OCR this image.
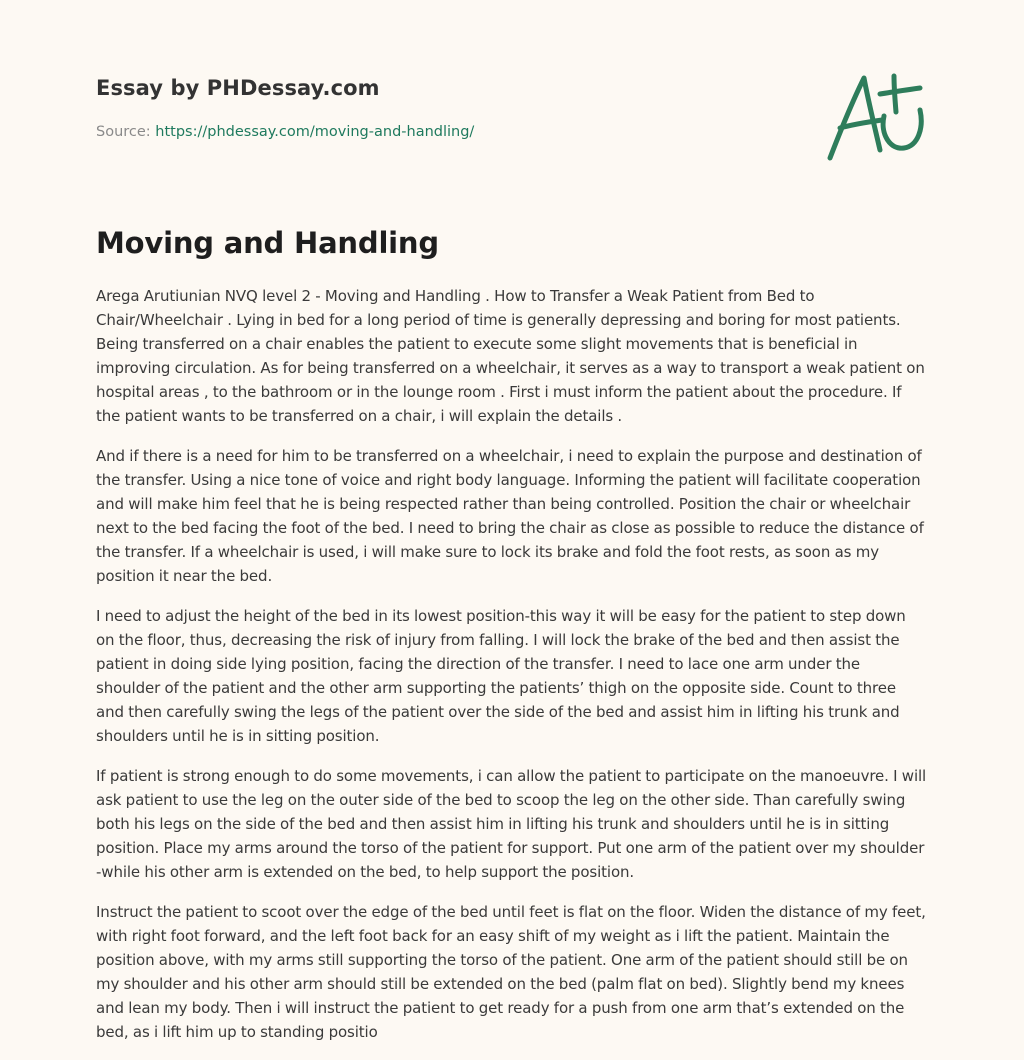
Essay by PHDessay.com
Source: https://phdessay.com/moving-and-handling/
Moving and Handling

Arega Arutiunian NVQ level 2 - Moving and Handling . How to Transfer a Weak Patient from Bed to Chair/Wheelchair . Lying in bed for a long period of time is generally depressing and boring for most patients. Being transferred on a chair enables the patient to execute some slight movements that is beneficial in improving circulation. As for being transferred on a wheelchair, it serves as a way to transport a weak patient on hospital areas , to the bathroom or in the lounge room . First i must inform the patient about the procedure. If the patient wants to be transferred on a chair, i will explain the details .

And if there is a need for him to be transferred on a wheelchair, i need to explain the purpose and destination of the transfer. Using a nice tone of voice and right body language. Informing the patient will facilitate cooperation and will make him feel that he is being respected rather than being controlled. Position the chair or wheelchair next to the bed facing the foot of the bed. I need to bring the chair as close as possible to reduce the distance of the transfer. If a wheelchair is used, i will make sure to lock its brake and fold the foot rests, as soon as my position it near the bed.

I need to adjust the height of the bed in its lowest position-this way it will be easy for the patient to step down on the floor, thus, decreasing the risk of injury from falling. I will lock the brake of the bed and then assist the patient in doing side lying position, facing the direction of the transfer. I need to lace one arm under the shoulder of the patient and the other arm supporting the patients’ thigh on the opposite side. Count to three and then carefully swing the legs of the patient over the side of the bed and assist him in lifting his trunk and shoulders until he is in sitting position.

If patient is strong enough to do some movements, i can allow the patient to participate on the manoeuvre. I will ask patient to use the leg on the outer side of the bed to scoop the leg on the other side. Than carefully swing both his legs on the side of the bed and then assist him in lifting his trunk and shoulders until he is in sitting position. Place my arms around the torso of the patient for support. Put one arm of the patient over my shoulder -while his other arm is extended on the bed, to help support the position.

Instruct the patient to scoot over the edge of the bed until feet is flat on the floor. Widen the distance of my feet, with right foot forward, and the left foot back for an easy shift of my weight as i lift the patient. Maintain the position above, with my arms still supporting the torso of the patient. One arm of the patient should still be on my shoulder and his other arm should still be extended on the bed (palm flat on bed). Slightly bend my knees and lean my body. Then i will instruct the patient to get ready for a push from one arm that’s extended on the bed, as i lift him up to standing positio
